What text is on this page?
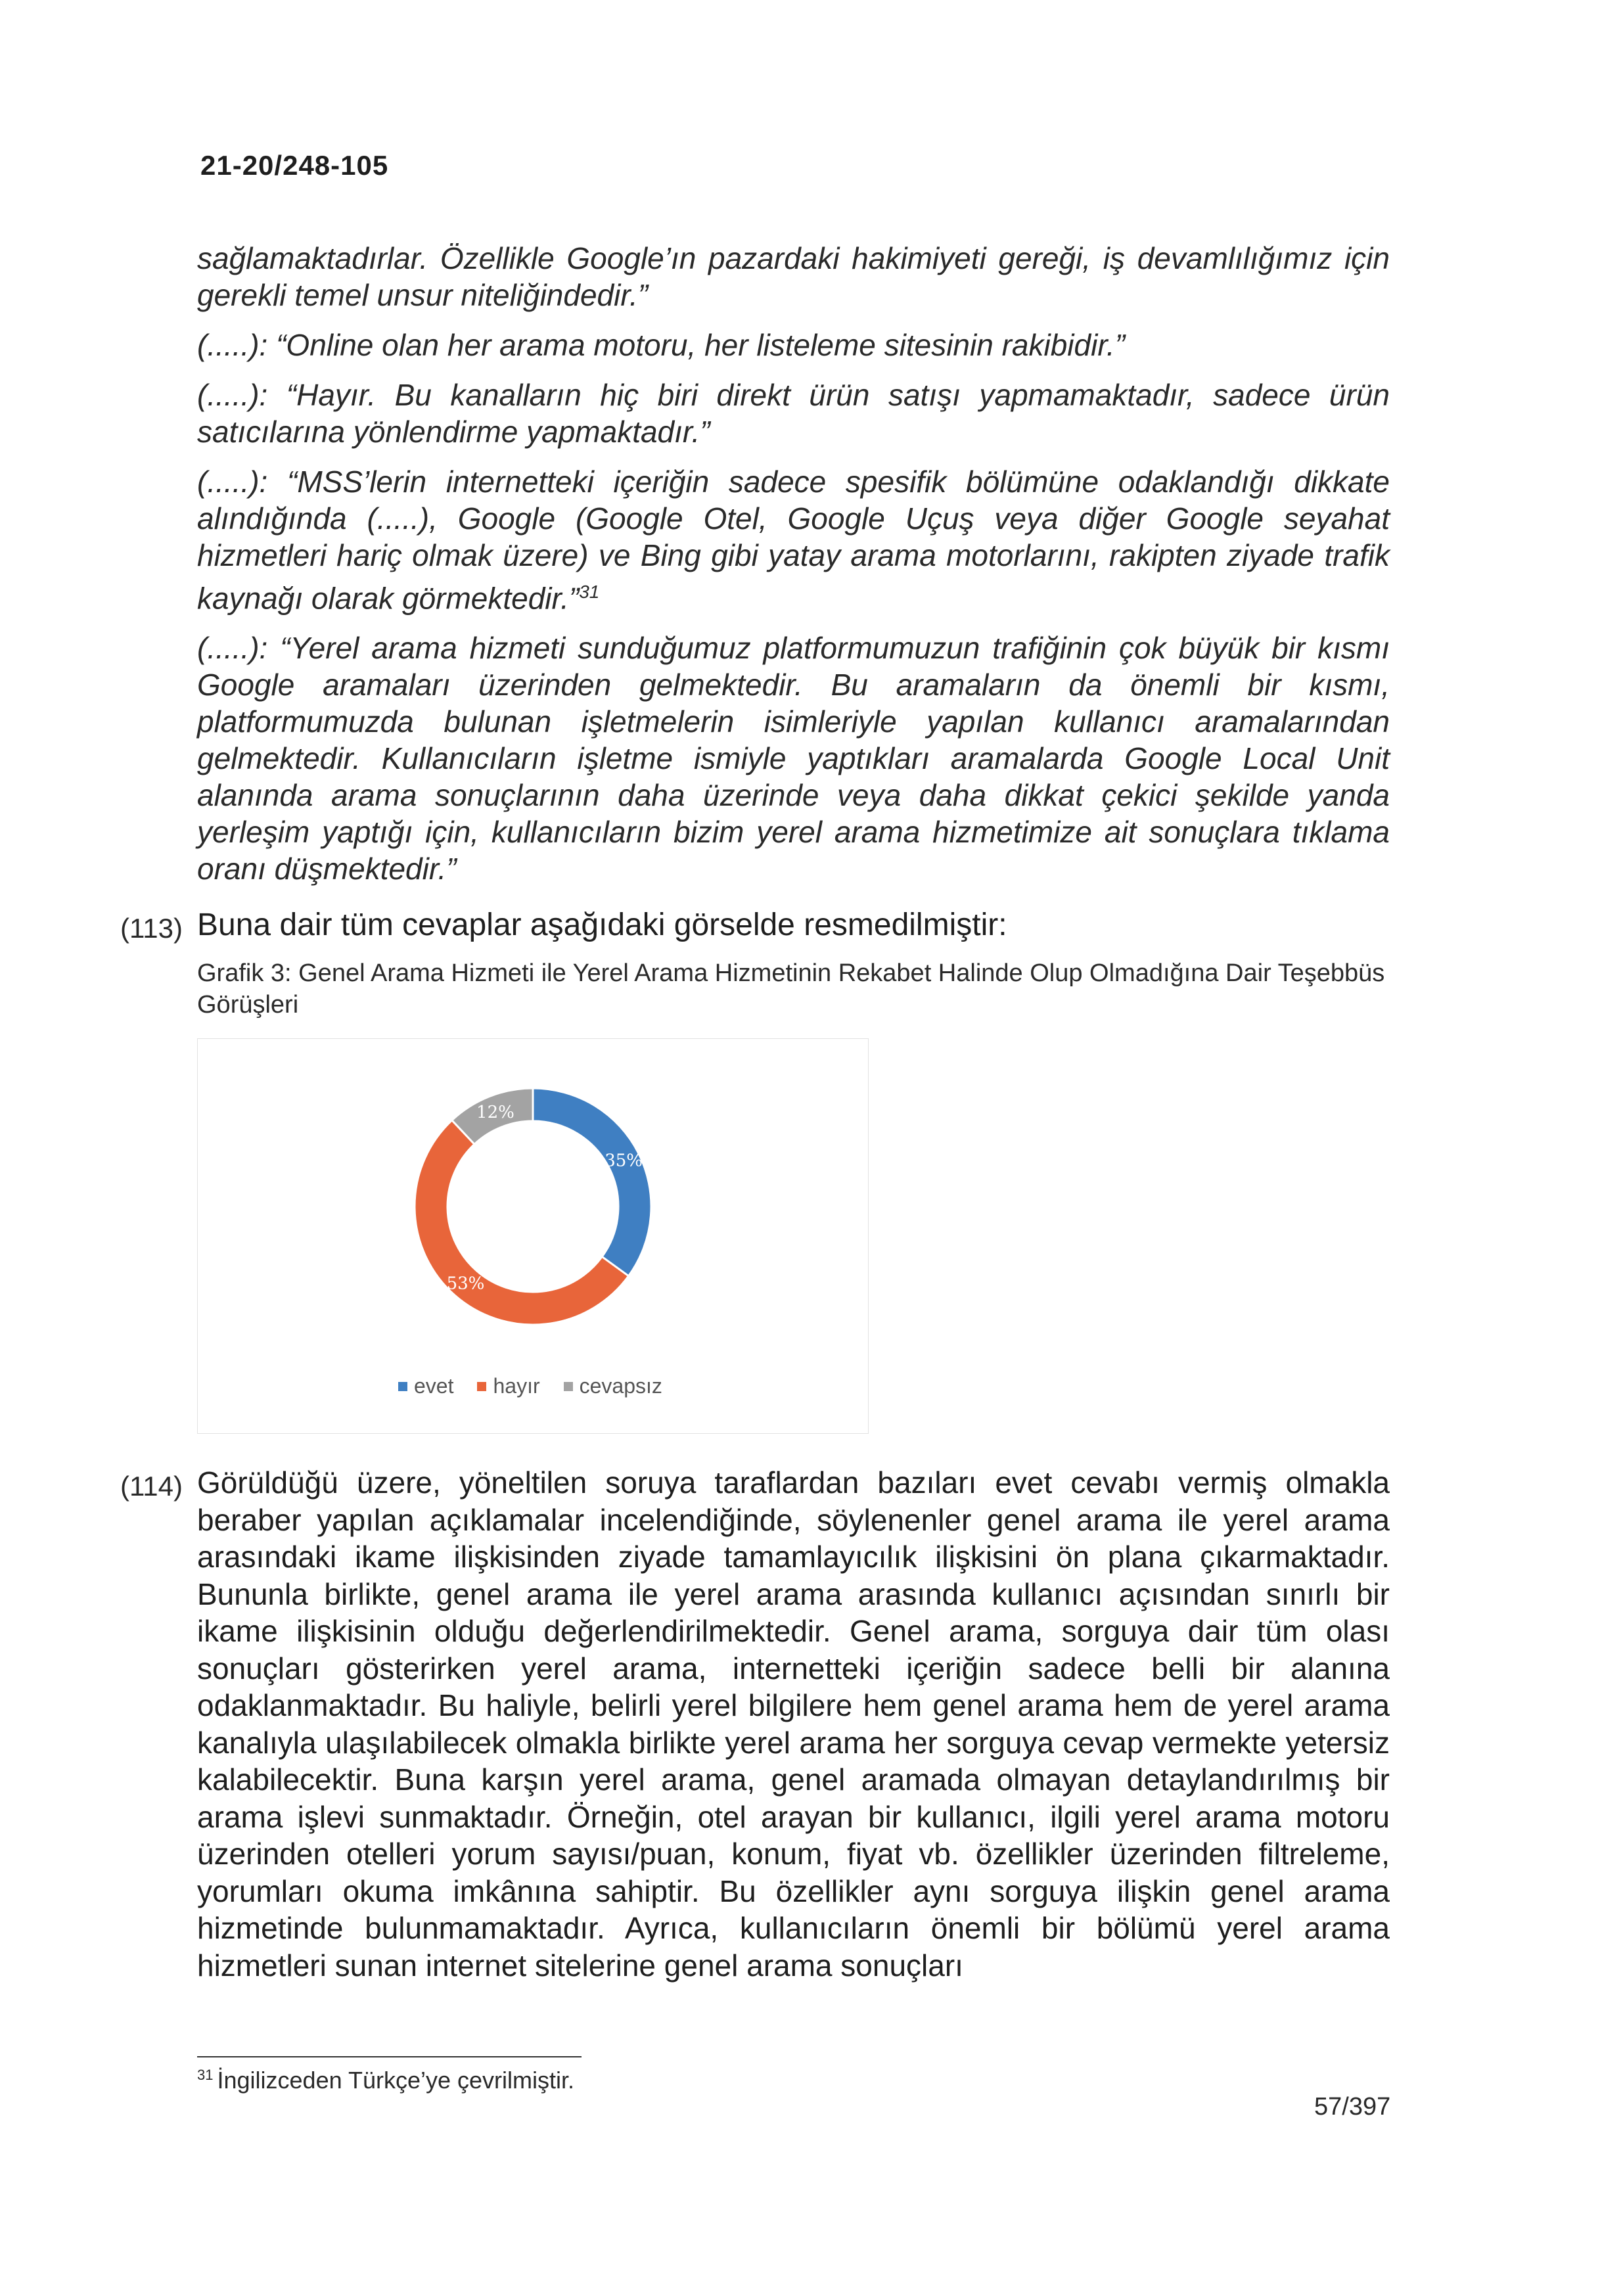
21-20/248-105

sağlamaktadırlar. Özellikle Google’ın pazardaki hakimiyeti gereği, iş devamlılığımız için gerekli temel unsur niteliğindedir.”

(.....): “Online olan her arama motoru, her listeleme sitesinin rakibidir.”

(.....): “Hayır. Bu kanalların hiç biri direkt ürün satışı yapmamaktadır, sadece ürün satıcılarına yönlendirme yapmaktadır.”

(.....): “MSS’lerin internetteki içeriğin sadece spesifik bölümüne odaklandığı dikkate alındığında (.....), Google (Google Otel, Google Uçuş veya diğer Google seyahat hizmetleri hariç olmak üzere) ve Bing gibi yatay arama motorlarını, rakipten ziyade trafik kaynağı olarak görmektedir.”$^{31}$

(.....): “Yerel arama hizmeti sunduğumuz platformumuzun trafiğinin çok büyük bir kısmı Google aramaları üzerinden gelmektedir. Bu aramaların da önemli bir kısmı, platformumuzda bulunan işletmelerin isimleriyle yapılan kullanıcı aramalarından gelmektedir. Kullanıcıların işletme ismiyle yaptıkları aramalarda Google Local Unit alanında arama sonuçlarının daha üzerinde veya daha dikkat çekici şekilde yanda yerleşim yaptığı için, kullanıcıların bizim yerel arama hizmetimize ait sonuçlara tıklama oranı düşmektedir.”

(113) Buna dair tüm cevaplar aşağıdaki görselde resmedilmiştir:
Grafik 3: Genel Arama Hizmeti ile Yerel Arama Hizmetinin Rekabet Halinde Olup Olmadığına Dair Teşebbüs Görüşleri
35%
53%
12%
evet hayır cevapsız
(114) Görüldüğü üzere, yöneltilen soruya taraflardan bazıları evet cevabı vermiş olmakla beraber yapılan açıklamalar incelendiğinde, söylenenler genel arama ile yerel arama arasındaki ikame ilişkisinden ziyade tamamlayıcılık ilişkisini ön plana çıkarmaktadır. Bununla birlikte, genel arama ile yerel arama arasında kullanıcı açısından sınırlı bir ikame ilişkisinin olduğu değerlendirilmektedir. Genel arama, sorguya dair tüm olası sonuçları gösterirken yerel arama, internetteki içeriğin sadece belli bir alanına odaklanmaktadır. Bu haliyle, belirli yerel bilgilere hem genel arama hem de yerel arama kanalıyla ulaşılabilecek olmakla birlikte yerel arama her sorguya cevap vermekte yetersiz kalabilecektir. Buna karşın yerel arama, genel aramada olmayan detaylandırılmış bir arama işlevi sunmaktadır. Örneğin, otel arayan bir kullanıcı, ilgili yerel arama motoru üzerinden otelleri yorum sayısı/puan, konum, fiyat vb. özellikler üzerinden filtreleme, yorumları okuma imkânına sahiptir. Bu özellikler aynı sorguya ilişkin genel arama hizmetinde bulunmamaktadır. Ayrıca, kullanıcıların önemli bir bölümü yerel arama hizmetleri sunan internet sitelerine genel arama sonuçları
$^{31}$ İngilizceden Türkçe’ye çevrilmiştir.
57/397
